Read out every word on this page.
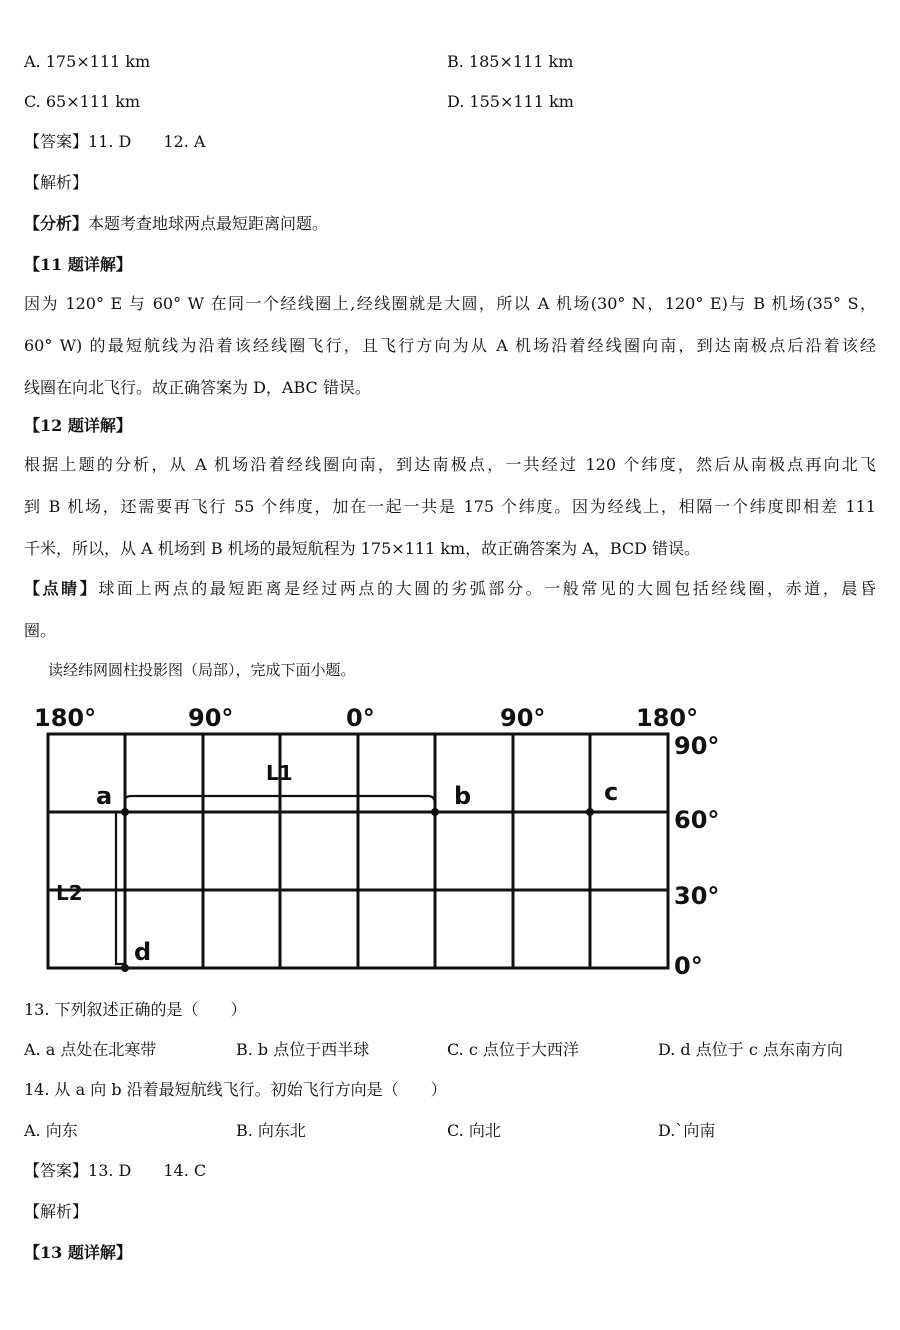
A. 175×111 km	B. 185×111 km
C. 65×111 km	D. 155×111 km
【答案】11. D　　12. A
【解析】
【分析】本题考查地球两点最短距离问题。
【11 题详解】
因为 120° E 与 60° W 在同一个经线圈上,经线圈就是大圆，所以 A 机场(30° N，120° E)与 B 机场(35° S，
60° W) 的最短航线为沿着该经线圈飞行，且飞行方向为从 A 机场沿着经线圈向南，到达南极点后沿着该经
线圈在向北飞行。故正确答案为 D，ABC 错误。
【12 题详解】
根据上题的分析，从 A 机场沿着经线圈向南，到达南极点，一共经过 120 个纬度，然后从南极点再向北飞
到 B 机场，还需要再飞行 55 个纬度，加在一起一共是 175 个纬度。因为经线上，相隔一个纬度即相差 111
千米，所以，从 A 机场到 B 机场的最短航程为 175×111 km，故正确答案为 A，BCD 错误。
【点睛】球面上两点的最短距离是经过两点的大圆的劣弧部分。一般常见的大圆包括经线圈，赤道，晨昏
圈。
读经纬网圆柱投影图（局部），完成下面小题。
180°	90°	0°	90°	180°
90°
60°
30°
0°
a	b	c
d
L1
L2
13. 下列叙述正确的是（　　）
A. a 点处在北寒带	B. b 点位于西半球	C. c 点位于大西洋	D. d 点位于 c 点东南方向
14. 从 a 向 b 沿着最短航线飞行。初始飞行方向是（　　）
A. 向东	B. 向东北	C. 向北	D.`向南
【答案】13. D　　14. C
【解析】
【13 题详解】
